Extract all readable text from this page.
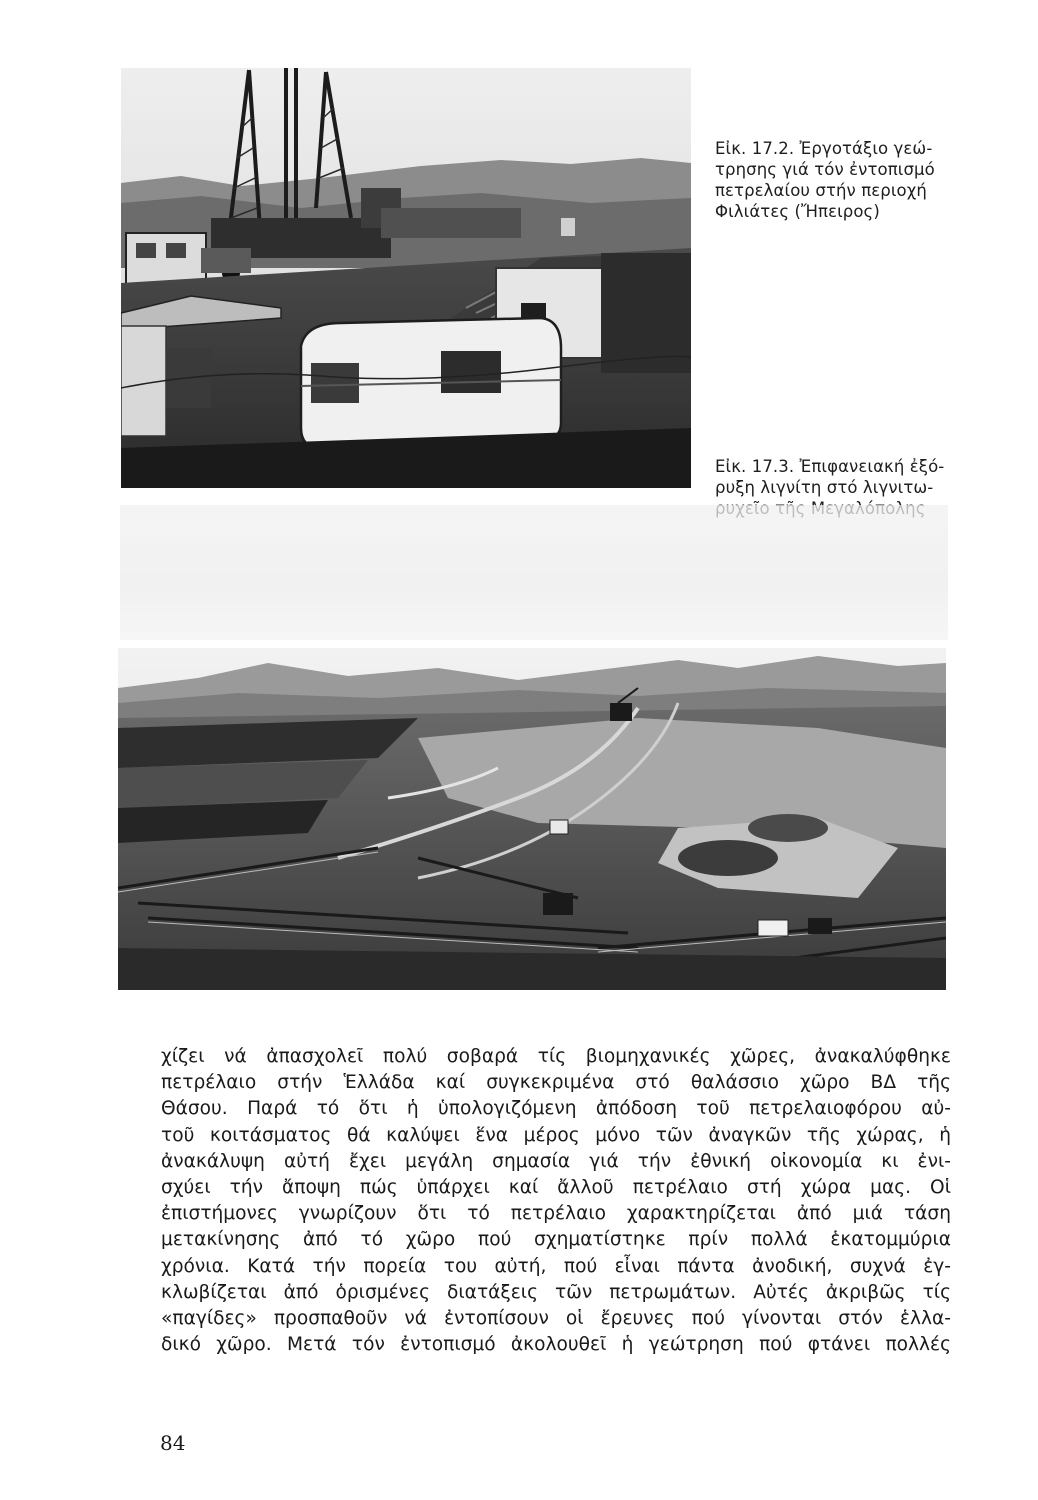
Εἰκ. 17.2. Ἐργοτάξιο γεώ-
τρησης γιά τόν ἐντοπισμό
πετρελαίου στήν περιοχή
Φιλιάτες (Ἤπειρος)
Εἰκ. 17.3. Ἐπιφανειακή ἐξό-
ρυξη λιγνίτη στό λιγνιτω-
χίζει νά ἀπασχολεῖ πολύ σοβαρά τίς βιομηχανικές χῶρες, ἀνακαλύφθηκε
πετρέλαιο στήν Ἑλλάδα καί συγκεκριμένα στό θαλάσσιο χῶρο ΒΔ τῆς
Θάσου. Παρά τό ὅτι ἡ ὑπολογιζόμενη ἀπόδοση τοῦ πετρελαιοφόρου αὐ-
τοῦ κοιτάσματος θά καλύψει ἕνα μέρος μόνο τῶν ἀναγκῶν τῆς χώρας, ἡ
ἀνακάλυψη αὐτή ἔχει μεγάλη σημασία γιά τήν ἐθνική οἰκονομία κι ἐνι-
σχύει τήν ἄποψη πώς ὑπάρχει καί ἄλλοῦ πετρέλαιο στή χώρα μας. Οἱ
ἐπιστήμονες γνωρίζουν ὅτι τό πετρέλαιο χαρακτηρίζεται ἀπό μιά τάση
μετακίνησης ἀπό τό χῶρο πού σχηματίστηκε πρίν πολλά ἑκατομμύρια
χρόνια. Κατά τήν πορεία του αὐτή, πού εἶναι πάντα ἀνοδική, συχνά ἐγ-
κλωβίζεται ἀπό ὁρισμένες διατάξεις τῶν πετρωμάτων. Αὐτές ἀκριβῶς τίς
«παγίδες» προσπαθοῦν νά ἐντοπίσουν οἱ ἔρευνες πού γίνονται στόν ἑλλα-
δικό χῶρο. Μετά τόν ἐντοπισμό ἀκολουθεῖ ἡ γεώτρηση πού φτάνει πολλές
84
